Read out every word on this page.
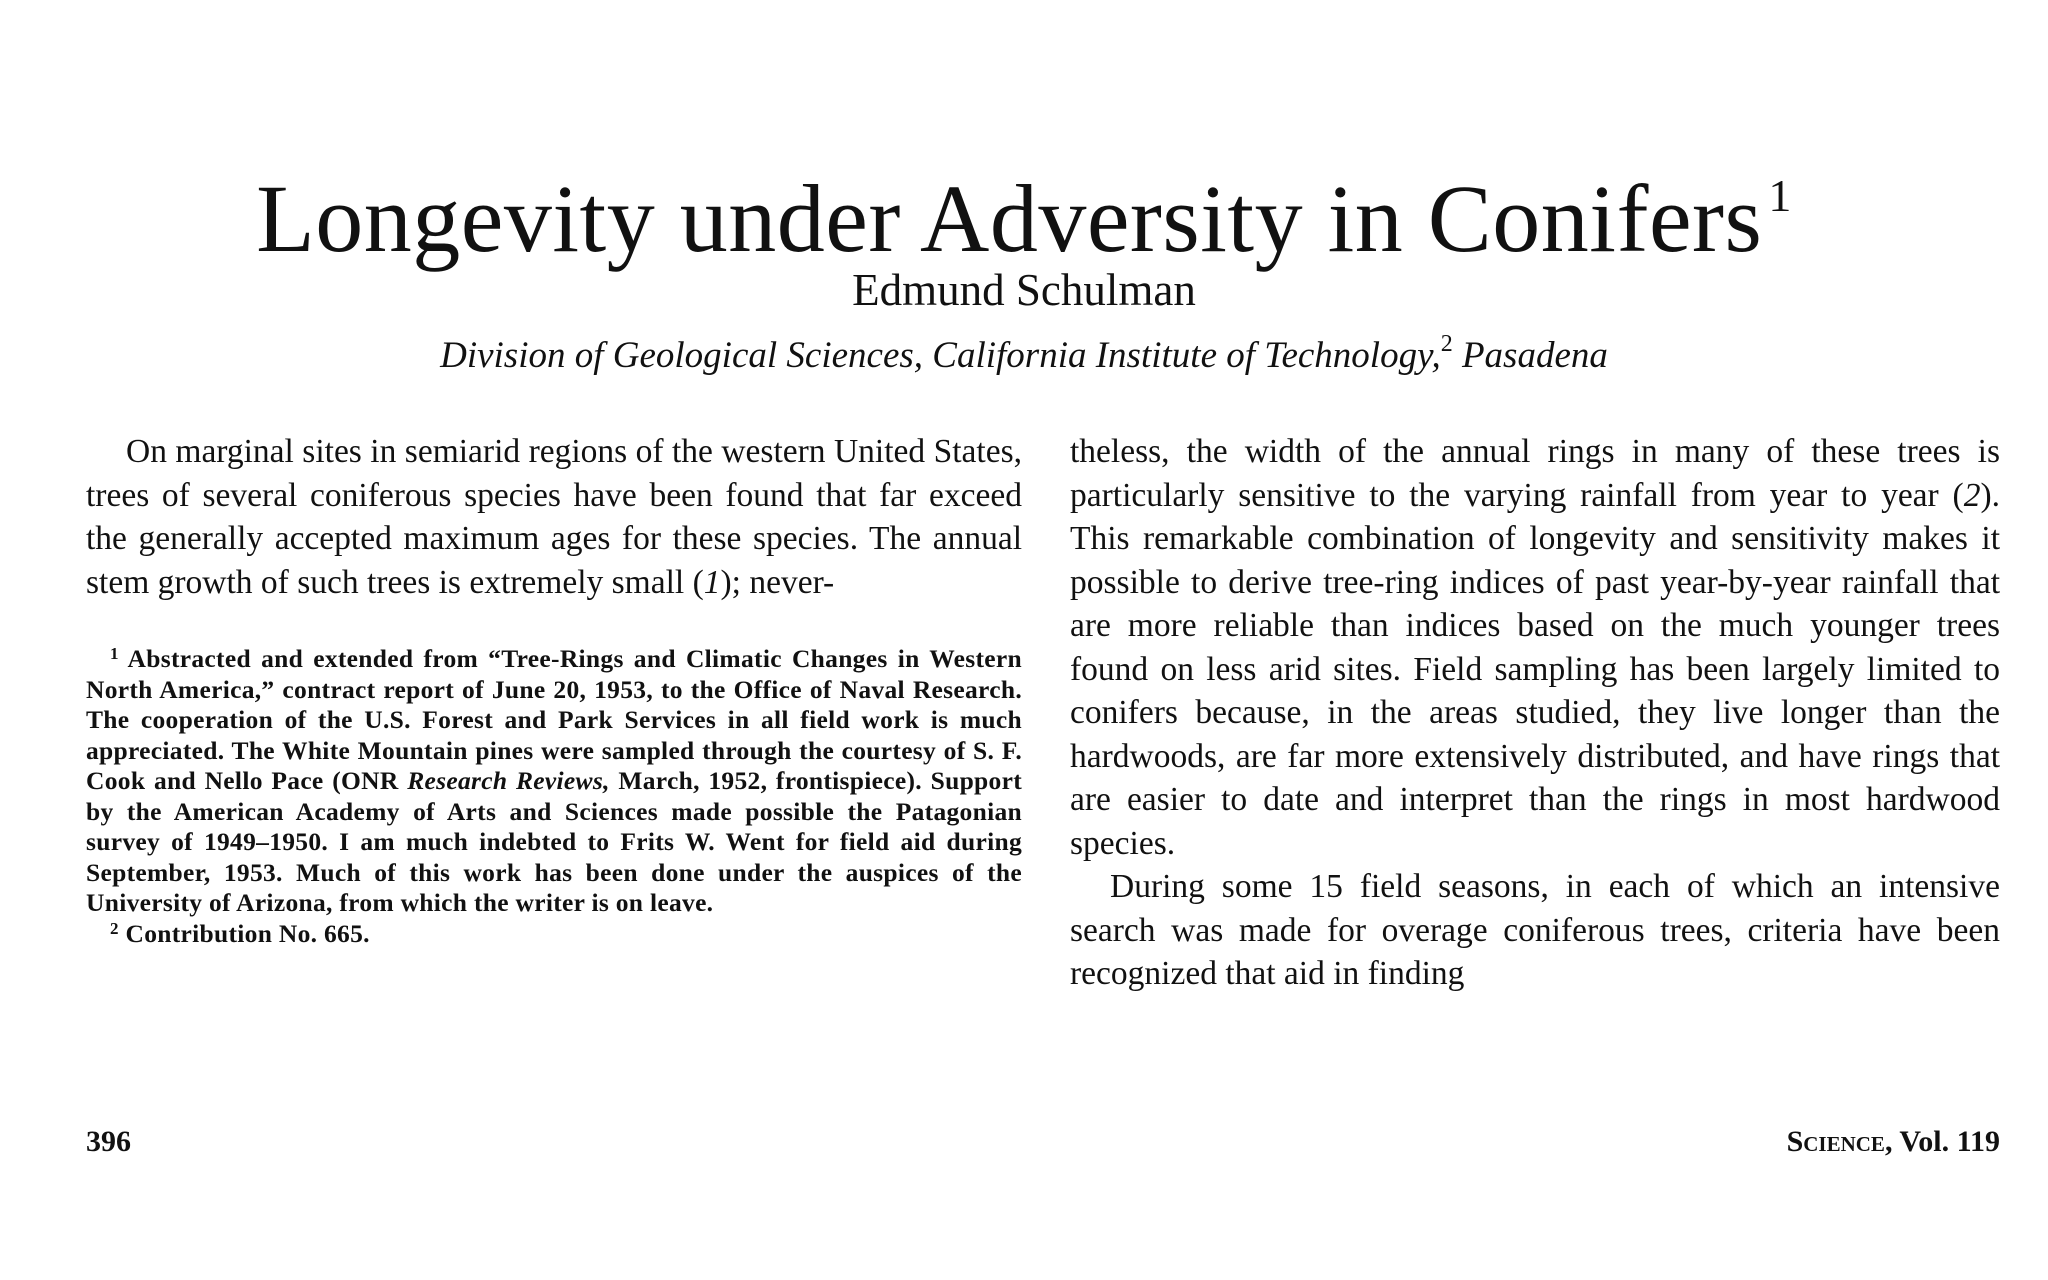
Longevity under Adversity in Conifers $^1$
Edmund Schulman
Division of Geological Sciences, California Institute of Technology,$^2$ Pasadena

On marginal sites in semiarid regions of the western United States, trees of several coniferous species have been found that far exceed the generally accepted maximum ages for these species. The annual stem growth of such trees is extremely small (1); never-

$^1$ Abstracted and extended from “Tree-Rings and Climatic Changes in Western North America,” contract report of June 20, 1953, to the Office of Naval Research. The cooperation of the U.S. Forest and Park Services in all field work is much appreciated. The White Mountain pines were sampled through the courtesy of S. F. Cook and Nello Pace (ONR Research Reviews, March, 1952, frontispiece). Support by the American Academy of Arts and Sciences made possible the Patagonian survey of 1949–1950. I am much indebted to Frits W. Went for field aid during September, 1953. Much of this work has been done under the auspices of the University of Arizona, from which the writer is on leave.

$^2$ Contribution No. 665.

theless, the width of the annual rings in many of these trees is particularly sensitive to the varying rainfall from year to year (2). This remarkable combination of longevity and sensitivity makes it possible to derive tree-ring indices of past year-by-year rainfall that are more reliable than indices based on the much younger trees found on less arid sites. Field sampling has been largely limited to conifers because, in the areas studied, they live longer than the hardwoods, are far more extensively distributed, and have rings that are easier to date and interpret than the rings in most hardwood species.

During some 15 field seasons, in each of which an intensive search was made for overage coniferous trees, criteria have been recognized that aid in finding

396	Science, Vol. 119
